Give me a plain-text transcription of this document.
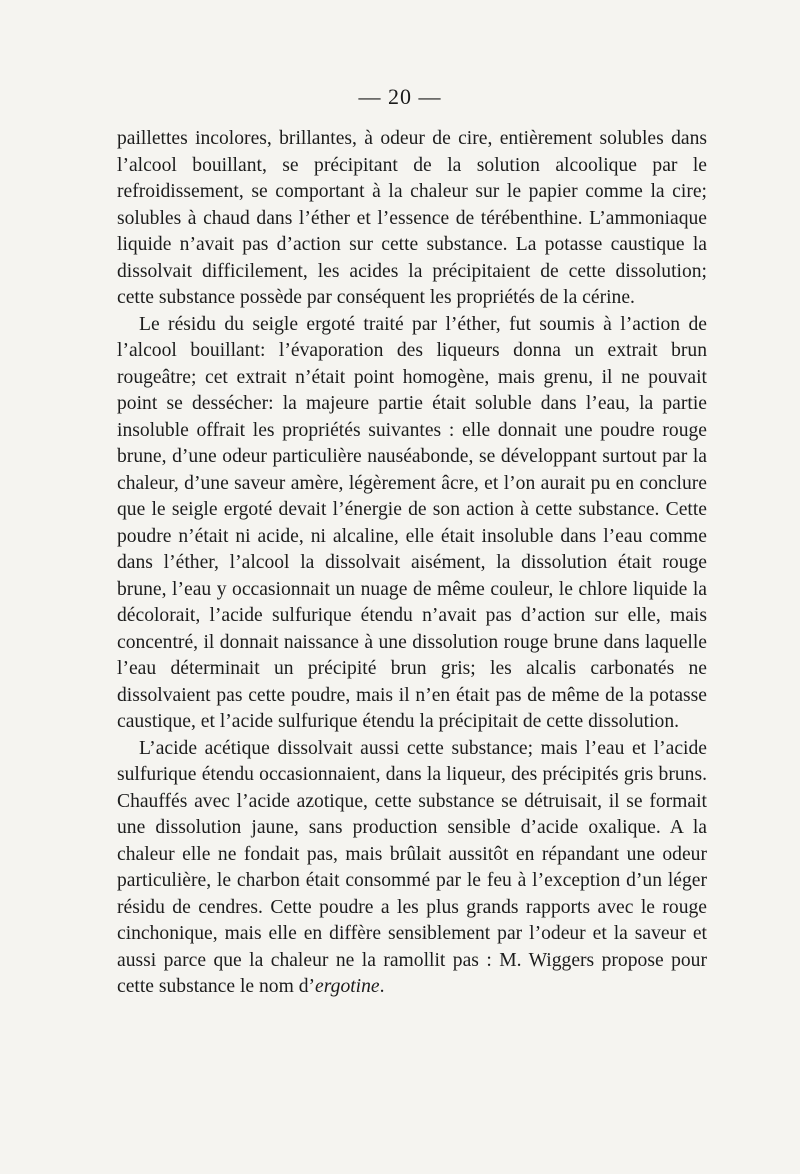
— 20 —

paillettes incolores, brillantes, à odeur de cire, entièrement solubles dans l’alcool bouillant, se précipitant de la solution alcoolique par le refroidissement, se comportant à la chaleur sur le papier comme la cire; solubles à chaud dans l’éther et l’essence de térébenthine. L’ammoniaque liquide n’avait pas d’action sur cette substance. La potasse caustique la dissolvait difficilement, les acides la précipitaient de cette dissolution; cette substance possède par conséquent les propriétés de la cérine.

Le résidu du seigle ergoté traité par l’éther, fut soumis à l’action de l’alcool bouillant: l’évaporation des liqueurs donna un extrait brun rougeâtre; cet extrait n’était point homogène, mais grenu, il ne pouvait point se dessécher: la majeure partie était soluble dans l’eau, la partie insoluble offrait les propriétés suivantes : elle donnait une poudre rouge brune, d’une odeur particulière nauséabonde, se développant surtout par la chaleur, d’une saveur amère, légèrement âcre, et l’on aurait pu en conclure que le seigle ergoté devait l’énergie de son action à cette substance. Cette poudre n’était ni acide, ni alcaline, elle était insoluble dans l’eau comme dans l’éther, l’alcool la dissolvait aisément, la dissolution était rouge brune, l’eau y occasionnait un nuage de même couleur, le chlore liquide la décolorait, l’acide sulfurique étendu n’avait pas d’action sur elle, mais concentré, il donnait naissance à une dissolution rouge brune dans laquelle l’eau déterminait un précipité brun gris; les alcalis carbonatés ne dissolvaient pas cette poudre, mais il n’en était pas de même de la potasse caustique, et l’acide sulfurique étendu la précipitait de cette dissolution.

L’acide acétique dissolvait aussi cette substance; mais l’eau et l’acide sulfurique étendu occasionnaient, dans la liqueur, des précipités gris bruns. Chauffés avec l’acide azotique, cette substance se détruisait, il se formait une dissolution jaune, sans production sensible d’acide oxalique. A la chaleur elle ne fondait pas, mais brûlait aussitôt en répandant une odeur particulière, le charbon était consommé par le feu à l’exception d’un léger résidu de cendres. Cette poudre a les plus grands rapports avec le rouge cinchonique, mais elle en diffère sensiblement par l’odeur et la saveur et aussi parce que la chaleur ne la ramollit pas : M. Wiggers propose pour cette substance le nom d’ergotine.
